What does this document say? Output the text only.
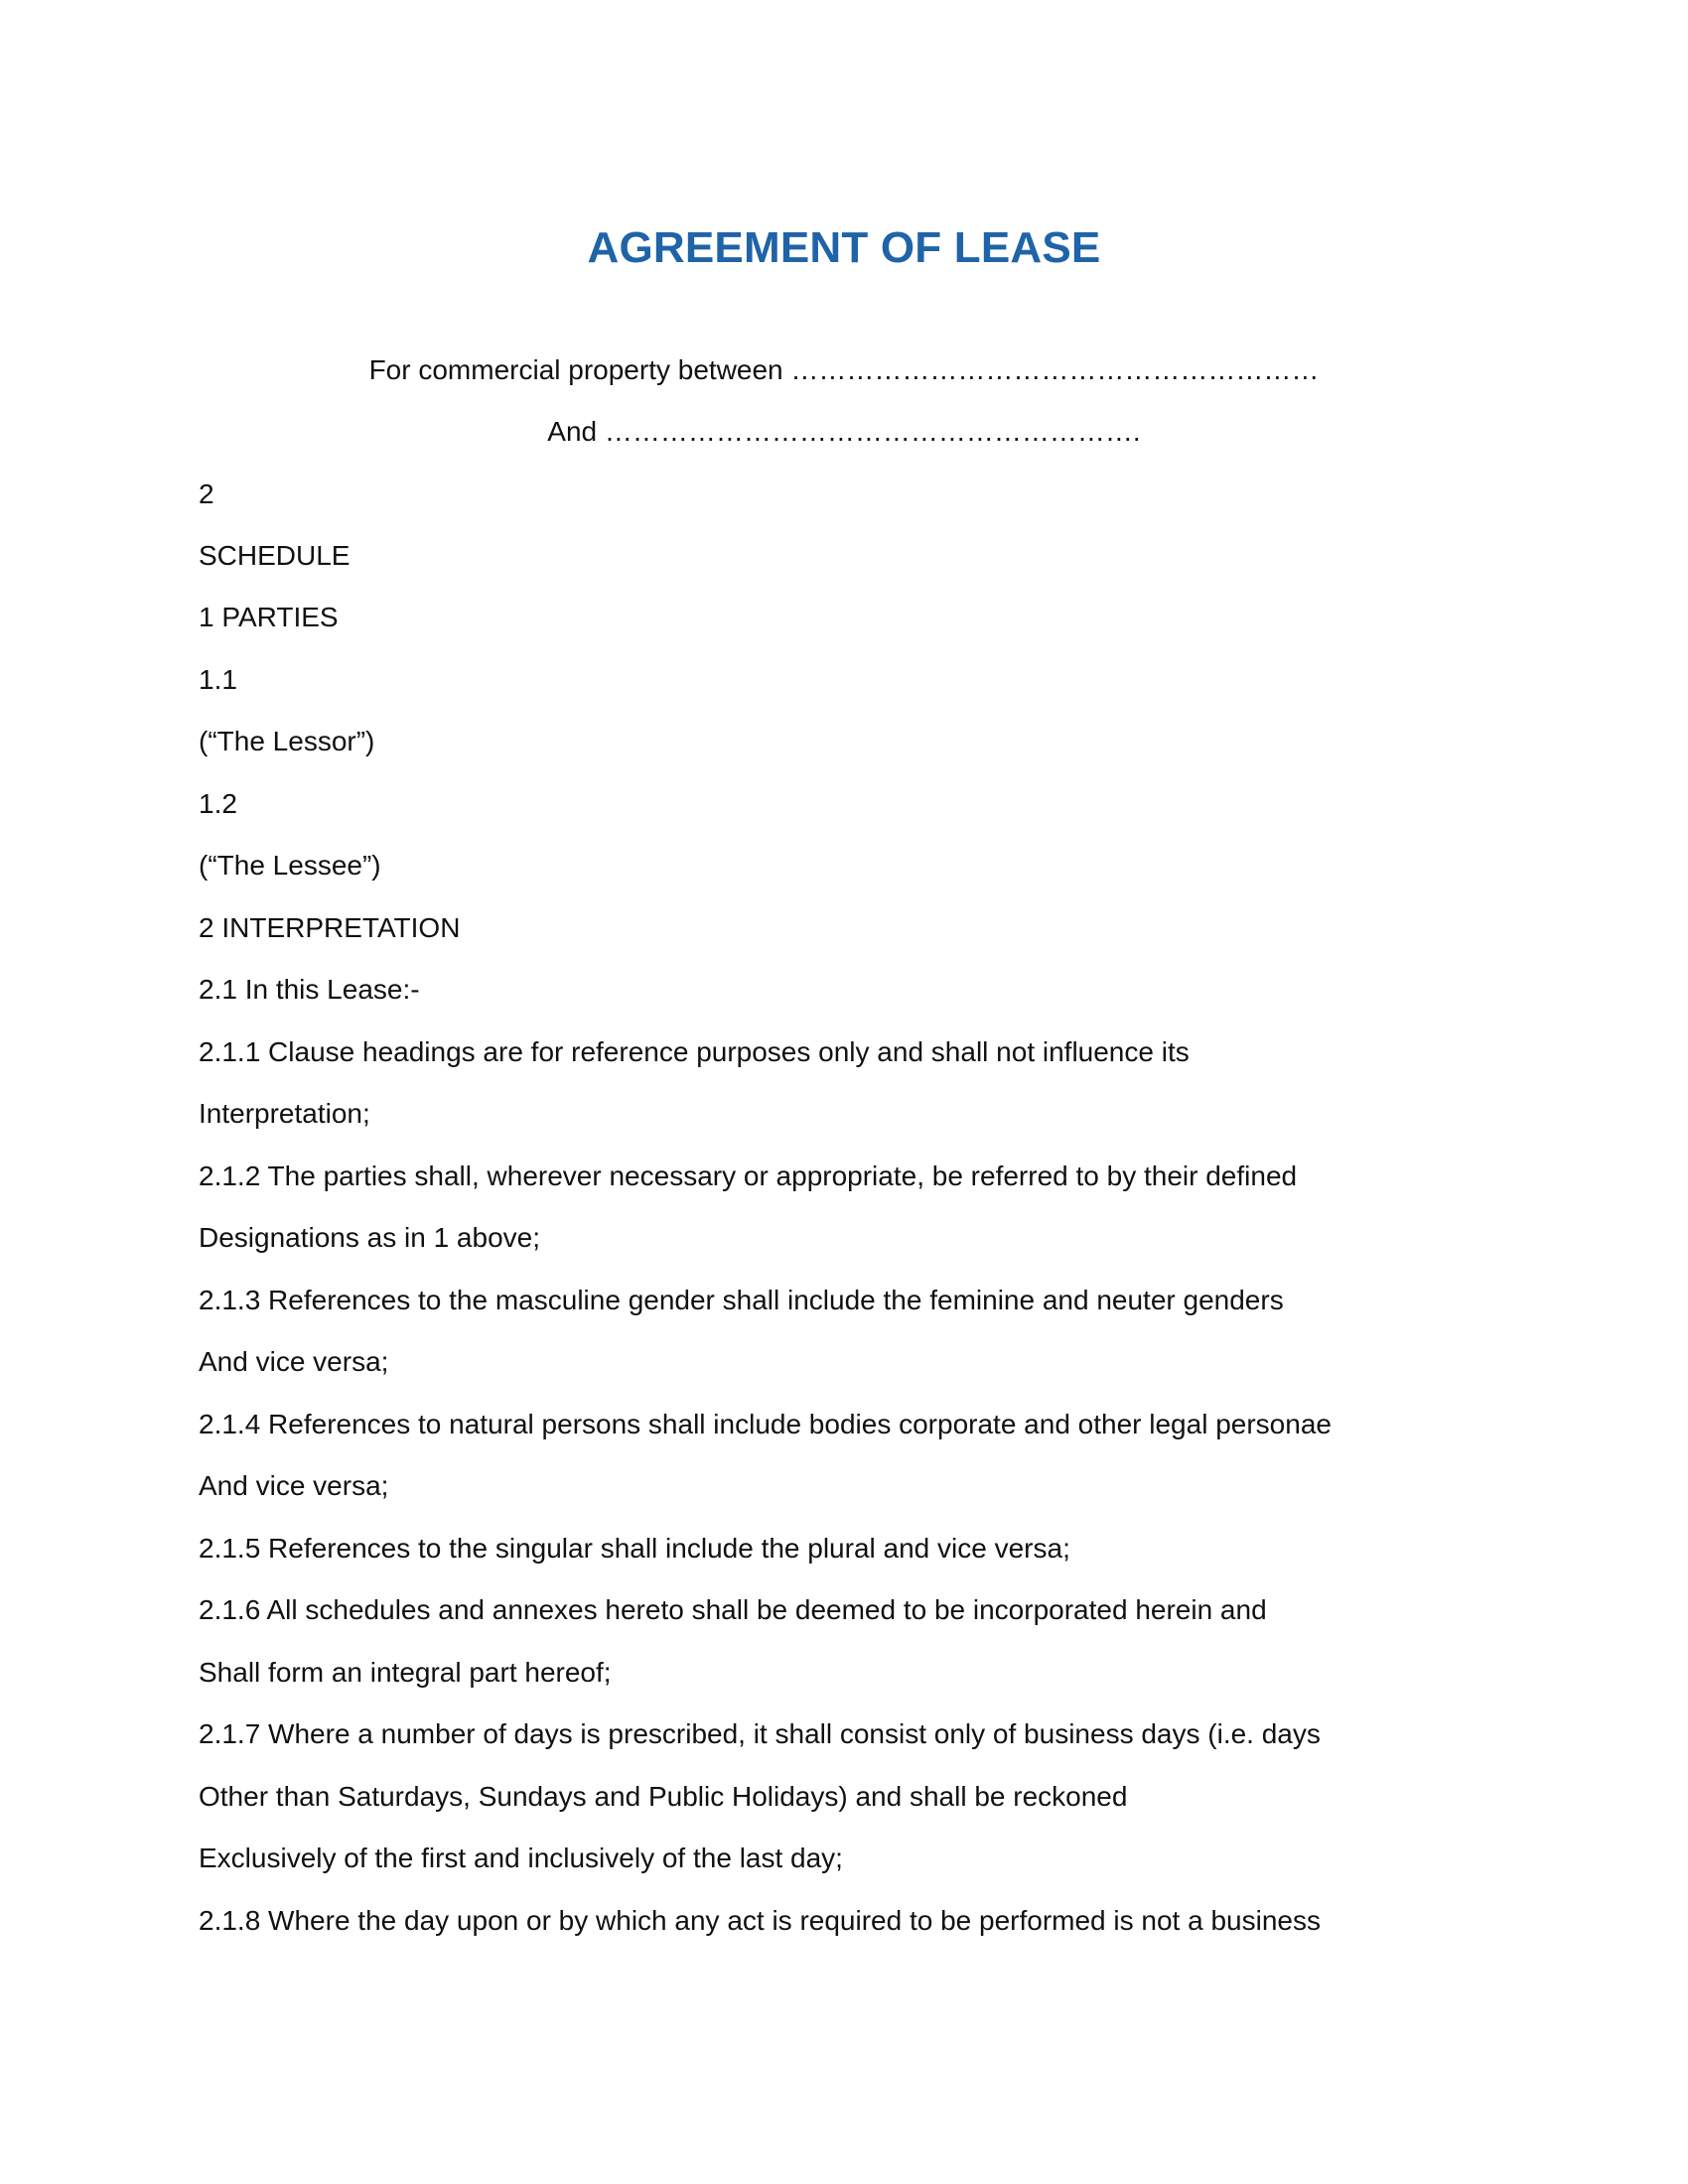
AGREEMENT OF LEASE
For commercial property between …………………………………………………
And ………………………………………………….
2
SCHEDULE
1 PARTIES
1.1
(“The Lessor”)
1.2
(“The Lessee”)
2 INTERPRETATION
2.1 In this Lease:-
2.1.1 Clause headings are for reference purposes only and shall not influence its
Interpretation;
2.1.2 The parties shall, wherever necessary or appropriate, be referred to by their defined
Designations as in 1 above;
2.1.3 References to the masculine gender shall include the feminine and neuter genders
And vice versa;
2.1.4 References to natural persons shall include bodies corporate and other legal personae
And vice versa;
2.1.5 References to the singular shall include the plural and vice versa;
2.1.6 All schedules and annexes hereto shall be deemed to be incorporated herein and
Shall form an integral part hereof;
2.1.7 Where a number of days is prescribed, it shall consist only of business days (i.e. days
Other than Saturdays, Sundays and Public Holidays) and shall be reckoned
Exclusively of the first and inclusively of the last day;
2.1.8 Where the day upon or by which any act is required to be performed is not a business
